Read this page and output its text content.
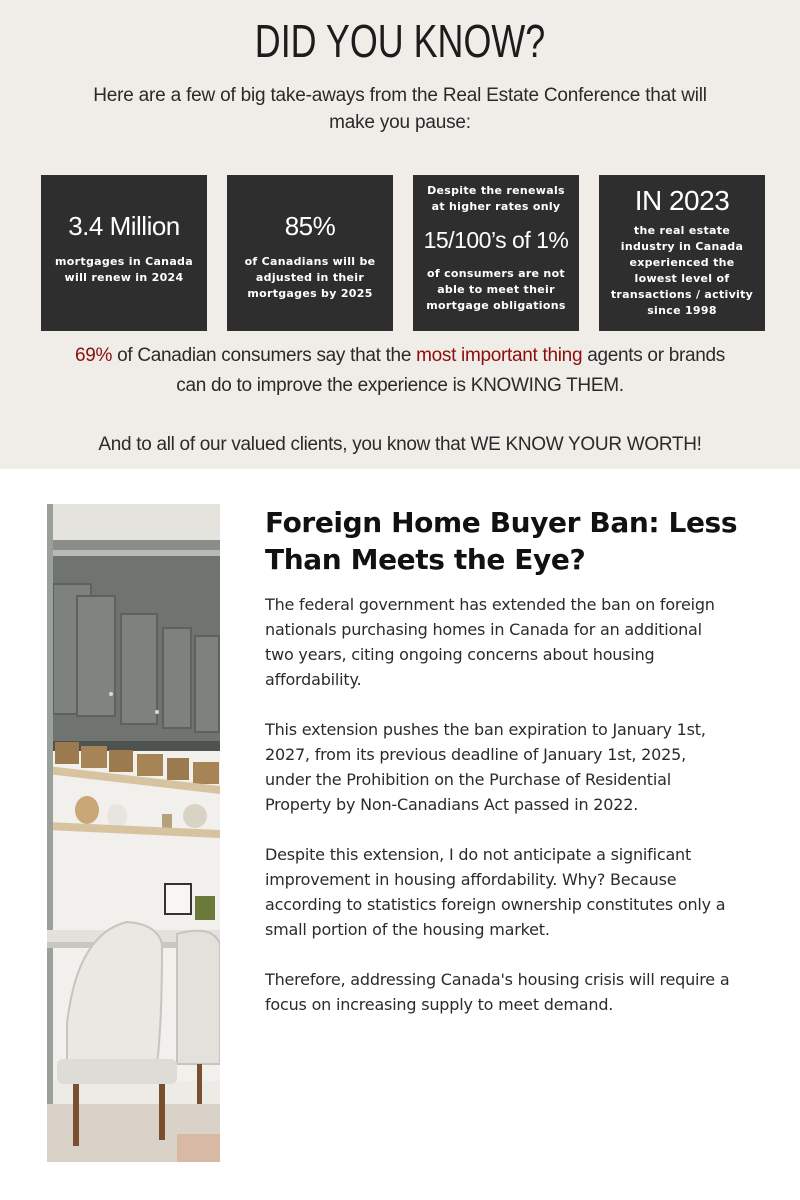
DID YOU KNOW?

Here are a few of big take-aways from the Real Estate Conference that will make you pause:

3.4 Million
mortgages in Canada will renew in 2024
85%
of Canadians will be adjusted in their mortgages by 2025
Despite the renewals at higher rates only
15/100’s of 1%
of consumers are not able to meet their mortgage obligations
IN 2023
the real estate industry in Canada experienced the lowest level of transactions / activity since 1998

69% of Canadian consumers say that the most important thing agents or brands can do to improve the experience is KNOWING THEM.

And to all of our valued clients, you know that WE KNOW YOUR WORTH!

Foreign Home Buyer Ban: Less Than Meets the Eye?

The federal government has extended the ban on foreign nationals purchasing homes in Canada for an additional two years, citing ongoing concerns about housing affordability.

This extension pushes the ban expiration to January 1st, 2027, from its previous deadline of January 1st, 2025, under the Prohibition on the Purchase of Residential Property by Non-Canadians Act passed in 2022.

Despite this extension, I do not anticipate a significant improvement in housing affordability. Why? Because according to statistics foreign ownership constitutes only a small portion of the housing market.

Therefore, addressing Canada's housing crisis will require a focus on increasing supply to meet demand.
